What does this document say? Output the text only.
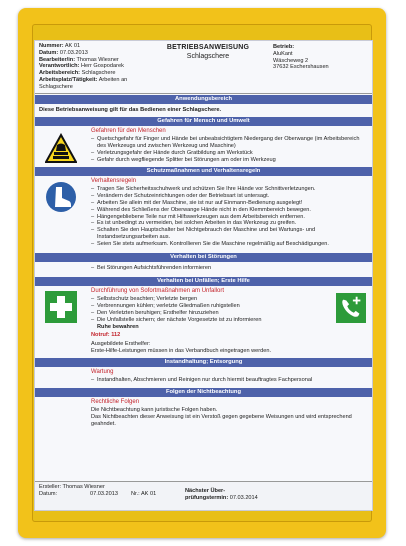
Nummer: AK 01
Datum: 07.03.2013
Bearbeiter/in: Thomas Wiesner
Verantwortlich: Herr Gospodarek
Arbeitsbereich: Schlagschere
Arbeitsplatz/Tätigkeit: Arbeiten an Schlagschere
BETRIEBSANWEISUNG
Schlagschere
Betrieb:
AluKant
Wäscheweg 2
37632 Eschershausen
Anwendungsbereich
Diese Betriebsanweisung gilt für das Bedienen einer Schlagschere.
Gefahren für Mensch und Umwelt
Gefahren für den Menschen
– Quetschgefahr für Finger und Hände bei unbeabsichtigtem Niedergang der Oberwange (im Arbeitsbereich des Werkzeugs und zwischen Werkzeug und Maschine)
– Verletzungsgefahr der Hände durch Gratbildung am Werkstück
– Gefahr durch wegfliegende Splitter bei Störungen am oder im Werkzeug
Schutzmaßnahmen und Verhaltensregeln
Verhaltensregeln
– Tragen Sie Sicherheitsschuhwerk und schützen Sie Ihre Hände vor Schnittverletzungen.
– Verändern der Schutzeinrichtungen oder der Betriebsart ist untersagt.
– Arbeiten Sie allein mit der Maschine, sie ist nur auf Einmann-Bedienung ausgelegt!
– Während des Schließens der Oberwange Hände nicht in den Klemmbereich bewegen.
– Hängengebliebene Teile nur mit Hilfswerkzeugen aus dem Arbeitsbereich entfernen.
– Es ist unbedingt zu vermeiden, bei solchen Arbeiten in das Werkzeug zu greifen.
– Schalten Sie den Hauptschalter bei Nichtgebrauch der Maschine und bei Wartungs- und Instandsetzungsarbeiten aus.
– Seien Sie stets aufmerksam. Kontrollieren Sie die Maschine regelmäßig auf Beschädigungen.
Verhalten bei Störungen
– Bei Störungen Aufsichtsführenden informieren
Verhalten bei Unfällen; Erste Hilfe
Durchführung von Sofortmaßnahmen am Unfallort
– Selbstschutz beachten; Verletzte bergen
– Verbrennungen kühlen; verletzte Gliedmaßen ruhigstellen
– Den Verletzten beruhigen; Ersthelfer hinzuziehen
– Die Unfallstelle sichern; der nächste Vorgesetzte ist zu informieren
Ruhe bewahren
Notruf: 112
Ausgebildete Ersthelfer:
Erste-Hilfe-Leistungen müssen in das Verbandbuch eingetragen werden.
Instandhaltung; Entsorgung
Wartung
– Instandhalten, Abschmieren und Reinigen nur durch hiermit beauftragtes Fachpersonal
Folgen der Nichtbeachtung
Rechtliche Folgen
Die Nichtbeachtung kann juristische Folgen haben.
Das Nichtbeachten dieser Anweisung ist ein Verstoß gegen gegebene Weisungen und wird entsprechend geahndet.
Ersteller: Thomas Wiesner
Datum:	07.03.2013 Nr.: AK 01	Nächster Über-
prüfungstermin: 07.03.2014
